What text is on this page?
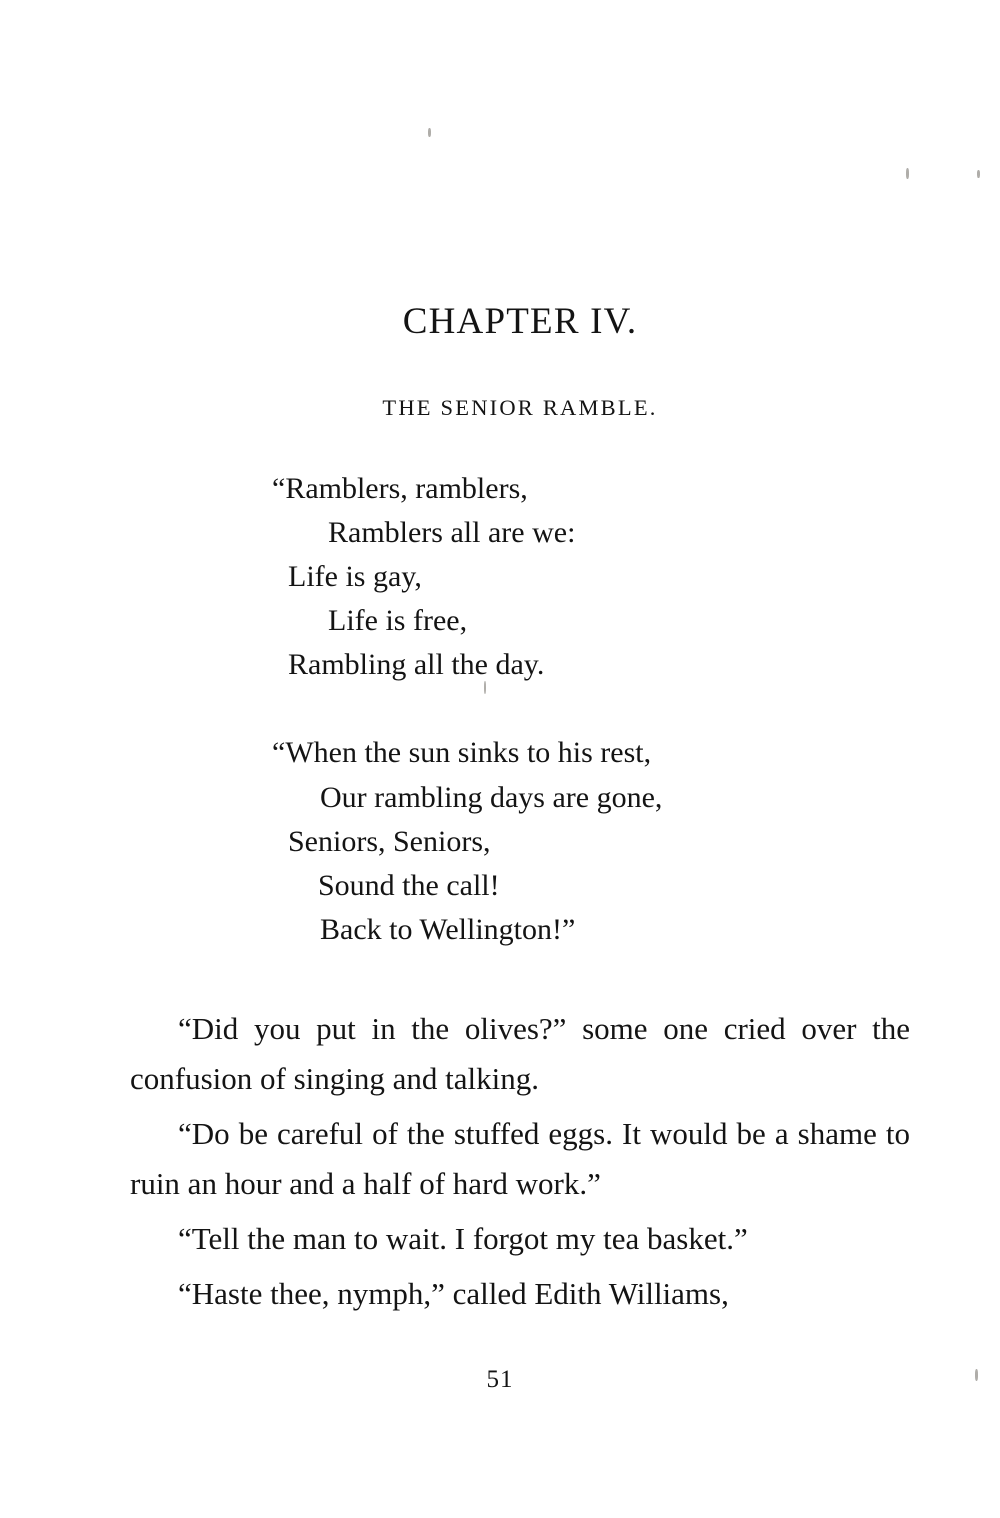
CHAPTER IV.
THE SENIOR RAMBLE.
“Ramblers, ramblers,
Ramblers all are we:
Life is gay,
Life is free,
Rambling all the day.
“When the sun sinks to his rest,
Our rambling days are gone,
Seniors, Seniors,
Sound the call!
Back to Wellington!”

“Did you put in the olives?” some one cried over the confusion of singing and talking.

“Do be careful of the stuffed eggs. It would be a shame to ruin an hour and a half of hard work.”

“Tell the man to wait. I forgot my tea basket.”

“Haste thee, nymph,” called Edith Williams,

51
